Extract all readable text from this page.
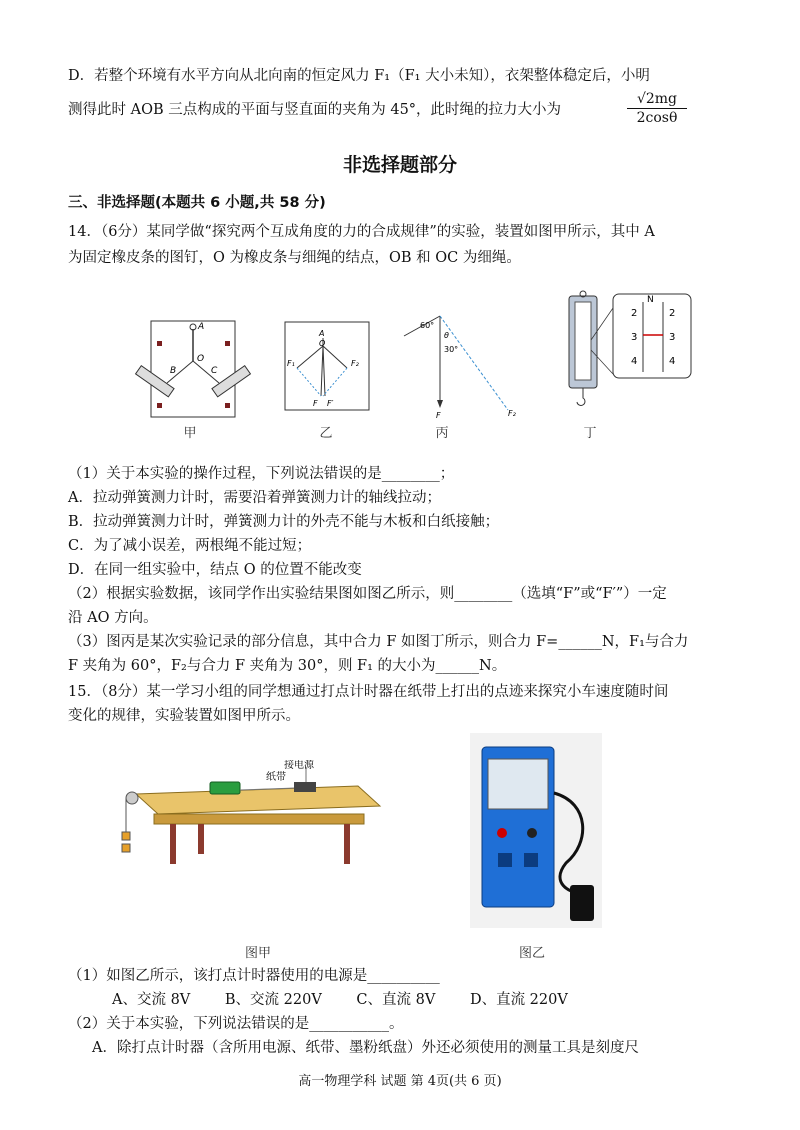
D．若整个环境有水平方向从北向南的恒定风力 F₁（F₁ 大小未知），衣架整体稳定后，小明
测得此时 AOB 三点构成的平面与竖直面的夹角为 45°，此时绳的拉力大小为	$\frac{√2mg}{2\cos\theta}$
非选择题部分
三、非选择题(本题共 6 小题,共 58 分)
14．（6分）某同学做“探究两个互成角度的力的合成规律”的实验，装置如图甲所示，其中 A
为固定橡皮条的图钉，O 为橡皮条与细绳的结点，OB 和 OC 为细绳。
A
O
B	C
甲
A
O
F₁	F₂
F F′
乙
60°
θ
30°
F	F₂
丙
N
2
3
4
2
3
4
丁
（1）关于本实验的操作过程，下列说法错误的是________；
A．拉动弹簧测力计时，需要沿着弹簧测力计的轴线拉动；
B．拉动弹簧测力计时，弹簧测力计的外壳不能与木板和白纸接触；
C．为了减小误差，两根绳不能过短；
D．在同一组实验中，结点 O 的位置不能改变
（2）根据实验数据，该同学作出实验结果图如图乙所示，则________（选填“F”或“F′”）一定
沿 AO 方向。
（3）图丙是某次实验记录的部分信息，其中合力 F 如图丁所示，则合力 F=______N，F₁与合力
F 夹角为 60°，F₂与合力 F 夹角为 30°，则 F₁ 的大小为______N。
15．（8分）某一学习小组的同学想通过打点计时器在纸带上打出的点迹来探究小车速度随时间
变化的规律，实验装置如图甲所示。
纸带
接电源
图甲	图乙
（1）如图乙所示，该打点计时器使用的电源是__________
A、交流 8V B、交流 220V C、直流 8V D、直流 220V
（2）关于本实验，下列说法错误的是___________。
A．除打点计时器（含所用电源、纸带、墨粉纸盘）外还必须使用的测量工具是刻度尺
高一物理学科 试题 第 4页(共 6 页)
